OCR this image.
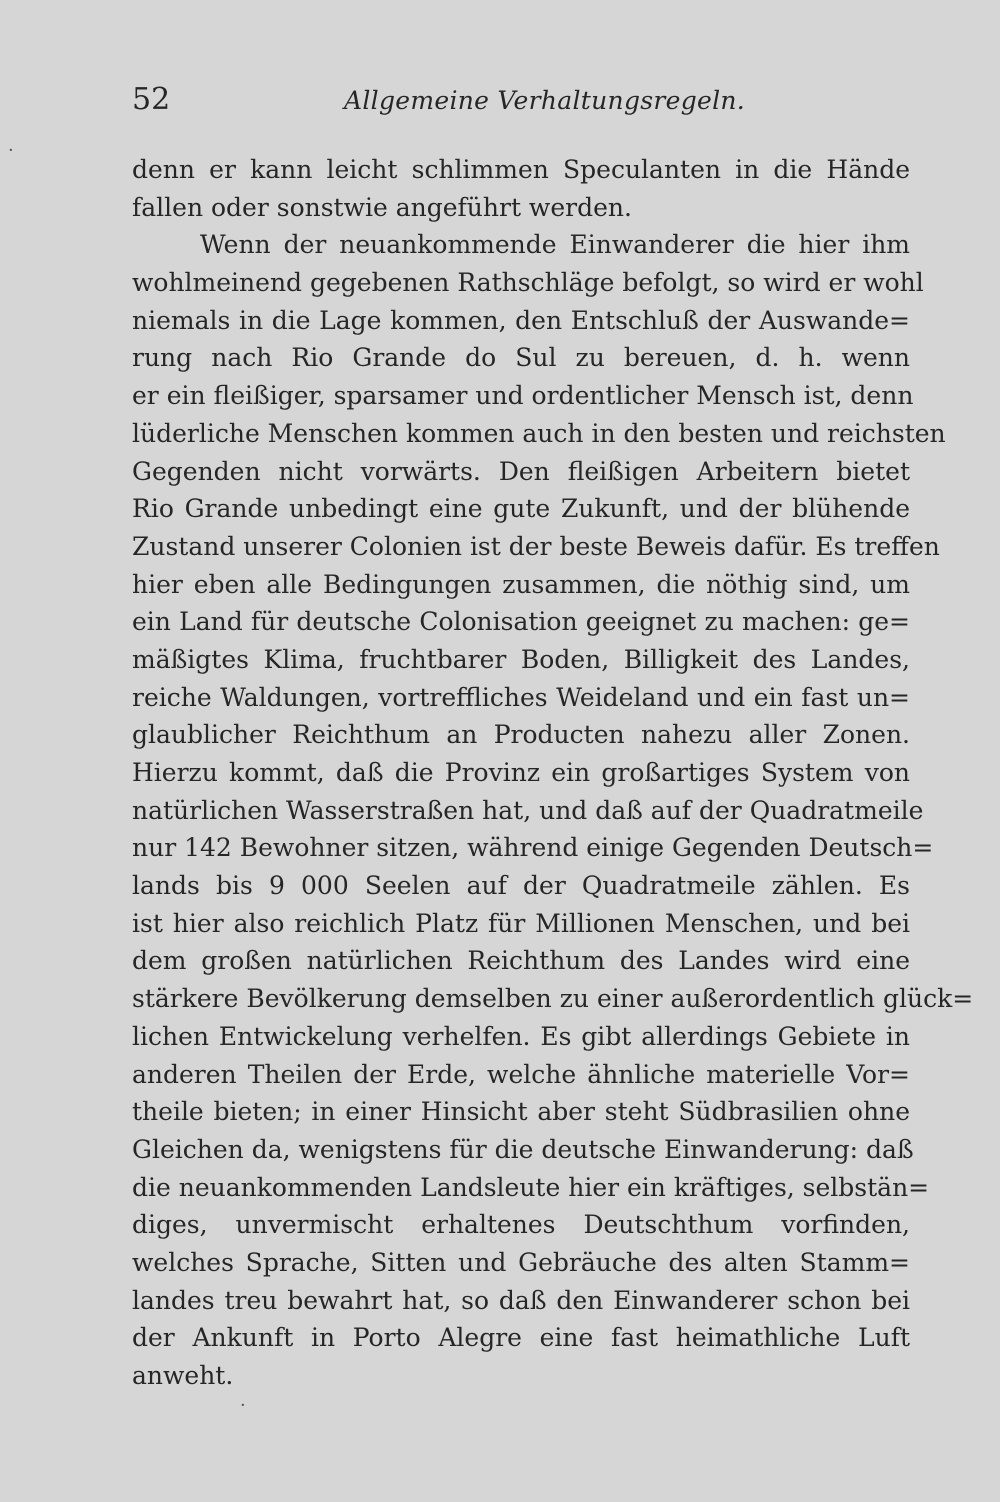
52	Allgemeine Verhaltungsregeln.
denn er kann leicht schlimmen Speculanten in die Hände
fallen oder sonstwie angeführt werden.
Wenn der neuankommende Einwanderer die hier ihm
wohlmeinend gegebenen Rathschläge befolgt, so wird er wohl
niemals in die Lage kommen, den Entschluß der Auswande=
rung nach Rio Grande do Sul zu bereuen, d. h. wenn
er ein fleißiger, sparsamer und ordentlicher Mensch ist, denn
lüderliche Menschen kommen auch in den besten und reichsten
Gegenden nicht vorwärts. Den fleißigen Arbeitern bietet
Rio Grande unbedingt eine gute Zukunft, und der blühende
Zustand unserer Colonien ist der beste Beweis dafür. Es treffen
hier eben alle Bedingungen zusammen, die nöthig sind, um
ein Land für deutsche Colonisation geeignet zu machen: ge=
mäßigtes Klima, fruchtbarer Boden, Billigkeit des Landes,
reiche Waldungen, vortreffliches Weideland und ein fast un=
glaublicher Reichthum an Producten nahezu aller Zonen.
Hierzu kommt, daß die Provinz ein großartiges System von
natürlichen Wasserstraßen hat, und daß auf der Quadratmeile
nur 142 Bewohner sitzen, während einige Gegenden Deutsch=
lands bis 9 000 Seelen auf der Quadratmeile zählen. Es
ist hier also reichlich Platz für Millionen Menschen, und bei
dem großen natürlichen Reichthum des Landes wird eine
stärkere Bevölkerung demselben zu einer außerordentlich glück=
lichen Entwickelung verhelfen. Es gibt allerdings Gebiete in
anderen Theilen der Erde, welche ähnliche materielle Vor=
theile bieten; in einer Hinsicht aber steht Südbrasilien ohne
Gleichen da, wenigstens für die deutsche Einwanderung: daß
die neuankommenden Landsleute hier ein kräftiges, selbstän=
diges, unvermischt erhaltenes Deutschthum vorfinden,
welches Sprache, Sitten und Gebräuche des alten Stamm=
landes treu bewahrt hat, so daß den Einwanderer schon bei
der Ankunft in Porto Alegre eine fast heimathliche Luft
anweht.
·
·
